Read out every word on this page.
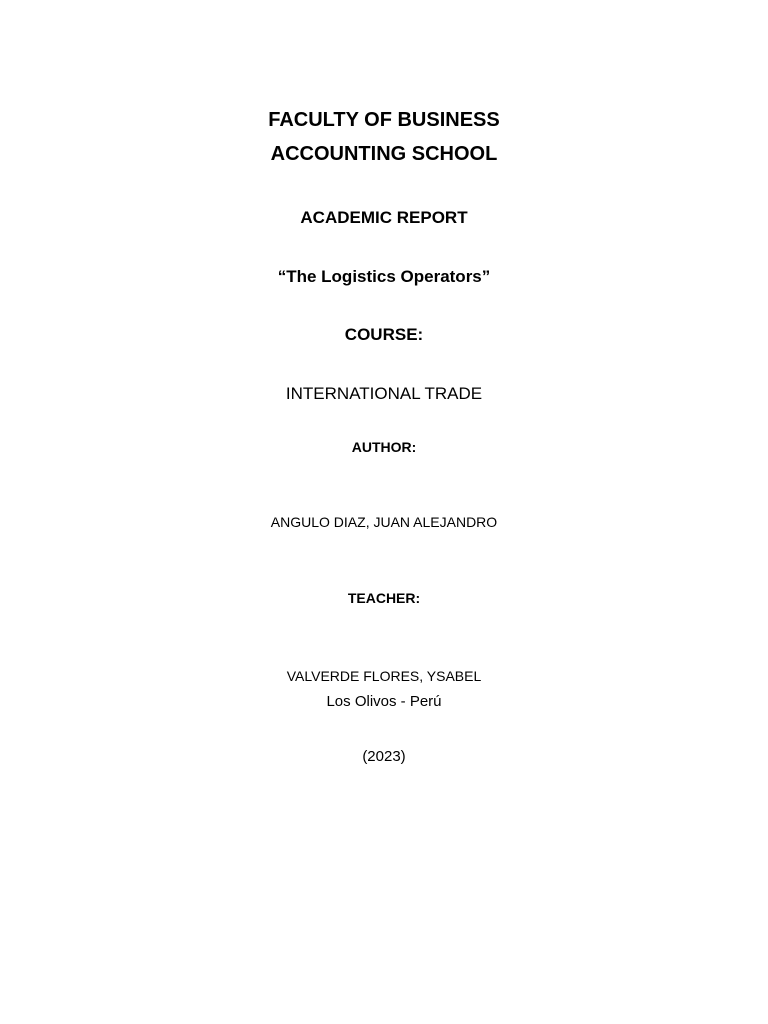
FACULTY OF BUSINESS
ACCOUNTING SCHOOL
ACADEMIC REPORT
“The Logistics Operators”

COURSE:

INTERNATIONAL TRADE

AUTHOR:

ANGULO DIAZ, JUAN ALEJANDRO

TEACHER:

VALVERDE FLORES, YSABEL

Los Olivos - Perú

(2023)
